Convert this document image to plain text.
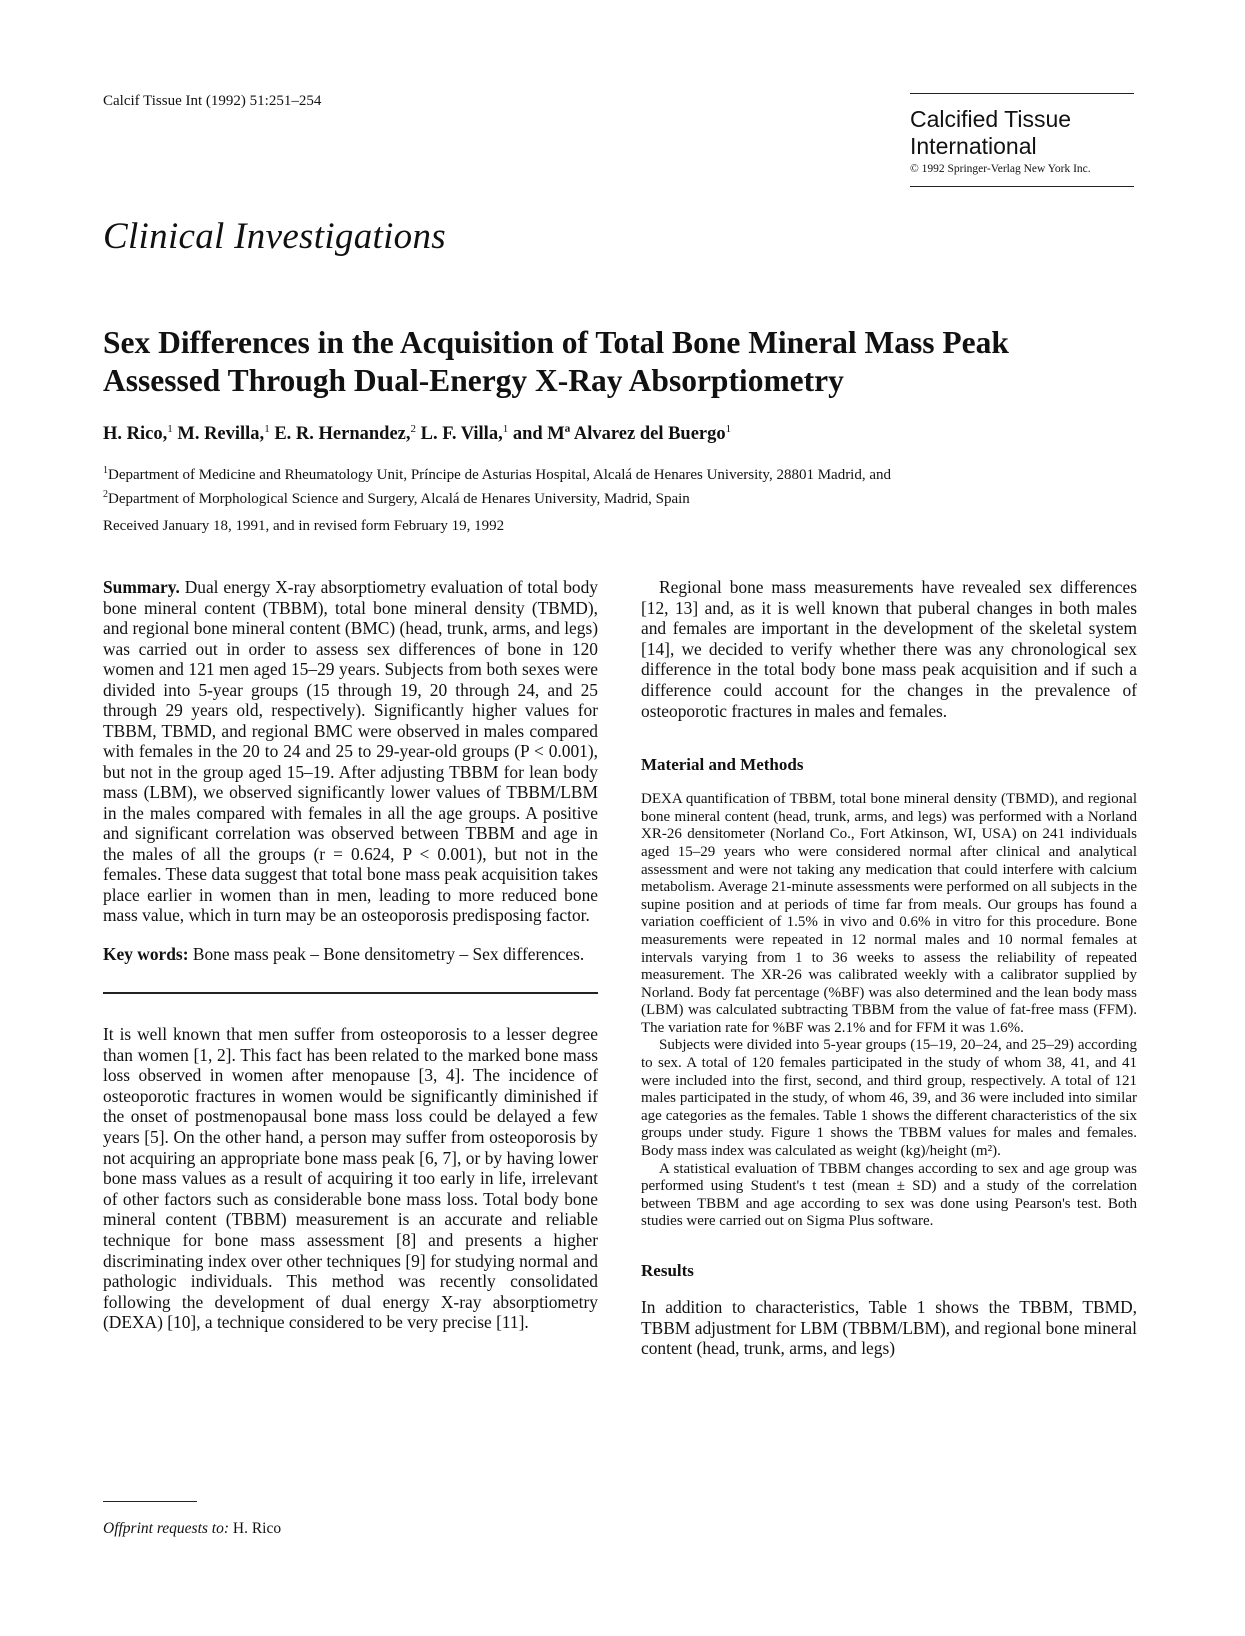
Calcif Tissue Int (1992) 51:251–254
Calcified Tissue
International
© 1992 Springer-Verlag New York Inc.
Clinical Investigations
Sex Differences in the Acquisition of Total Bone Mineral Mass Peak
Assessed Through Dual-Energy X-Ray Absorptiometry
H. Rico,$^1$ M. Revilla,$^1$ E. R. Hernandez,$^2$ L. F. Villa,$^1$ and Mª Alvarez del Buergo$^1$
$^1$Department of Medicine and Rheumatology Unit, Príncipe de Asturias Hospital, Alcalá de Henares University, 28801 Madrid, and
$^2$Department of Morphological Science and Surgery, Alcalá de Henares University, Madrid, Spain
Received January 18, 1991, and in revised form February 19, 1992

Summary. Dual energy X-ray absorptiometry evaluation of total body bone mineral content (TBBM), total bone mineral density (TBMD), and regional bone mineral content (BMC) (head, trunk, arms, and legs) was carried out in order to assess sex differences of bone in 120 women and 121 men aged 15–29 years. Subjects from both sexes were divided into 5-year groups (15 through 19, 20 through 24, and 25 through 29 years old, respectively). Significantly higher values for TBBM, TBMD, and regional BMC were observed in males compared with females in the 20 to 24 and 25 to 29-year-old groups (P < 0.001), but not in the group aged 15–19. After adjusting TBBM for lean body mass (LBM), we observed significantly lower values of TBBM/LBM in the males compared with females in all the age groups. A positive and significant correlation was observed between TBBM and age in the males of all the groups (r = 0.624, P < 0.001), but not in the females. These data suggest that total bone mass peak acquisition takes place earlier in women than in men, leading to more reduced bone mass value, which in turn may be an osteoporosis predisposing factor.

Key words: Bone mass peak – Bone densitometry – Sex differences.

It is well known that men suffer from osteoporosis to a lesser degree than women [1, 2]. This fact has been related to the marked bone mass loss observed in women after menopause [3, 4]. The incidence of osteoporotic fractures in women would be significantly diminished if the onset of postmenopausal bone mass loss could be delayed a few years [5]. On the other hand, a person may suffer from osteoporosis by not acquiring an appropriate bone mass peak [6, 7], or by having lower bone mass values as a result of acquiring it too early in life, irrelevant of other factors such as considerable bone mass loss. Total body bone mineral content (TBBM) measurement is an accurate and reliable technique for bone mass assessment [8] and presents a higher discriminating index over other techniques [9] for studying normal and pathologic individuals. This method was recently consolidated following the development of dual energy X-ray absorptiometry (DEXA) [10], a technique considered to be very precise [11].

Regional bone mass measurements have revealed sex differences [12, 13] and, as it is well known that puberal changes in both males and females are important in the development of the skeletal system [14], we decided to verify whether there was any chronological sex difference in the total body bone mass peak acquisition and if such a difference could account for the changes in the prevalence of osteoporotic fractures in males and females.

Material and Methods

DEXA quantification of TBBM, total bone mineral density (TBMD), and regional bone mineral content (head, trunk, arms, and legs) was performed with a Norland XR-26 densitometer (Norland Co., Fort Atkinson, WI, USA) on 241 individuals aged 15–29 years who were considered normal after clinical and analytical assessment and were not taking any medication that could interfere with calcium metabolism. Average 21-minute assessments were performed on all subjects in the supine position and at periods of time far from meals. Our groups has found a variation coefficient of 1.5% in vivo and 0.6% in vitro for this procedure. Bone measurements were repeated in 12 normal males and 10 normal females at intervals varying from 1 to 36 weeks to assess the reliability of repeated measurement. The XR-26 was calibrated weekly with a calibrator supplied by Norland. Body fat percentage (%BF) was also determined and the lean body mass (LBM) was calculated subtracting TBBM from the value of fat-free mass (FFM). The variation rate for %BF was 2.1% and for FFM it was 1.6%.

Subjects were divided into 5-year groups (15–19, 20–24, and 25–29) according to sex. A total of 120 females participated in the study of whom 38, 41, and 41 were included into the first, second, and third group, respectively. A total of 121 males participated in the study, of whom 46, 39, and 36 were included into similar age categories as the females. Table 1 shows the different characteristics of the six groups under study. Figure 1 shows the TBBM values for males and females. Body mass index was calculated as weight (kg)/height (m²).

A statistical evaluation of TBBM changes according to sex and age group was performed using Student's t test (mean ± SD) and a study of the correlation between TBBM and age according to sex was done using Pearson's test. Both studies were carried out on Sigma Plus software.

Results

In addition to characteristics, Table 1 shows the TBBM, TBMD, TBBM adjustment for LBM (TBBM/LBM), and regional bone mineral content (head, trunk, arms, and legs)

Offprint requests to: H. Rico
